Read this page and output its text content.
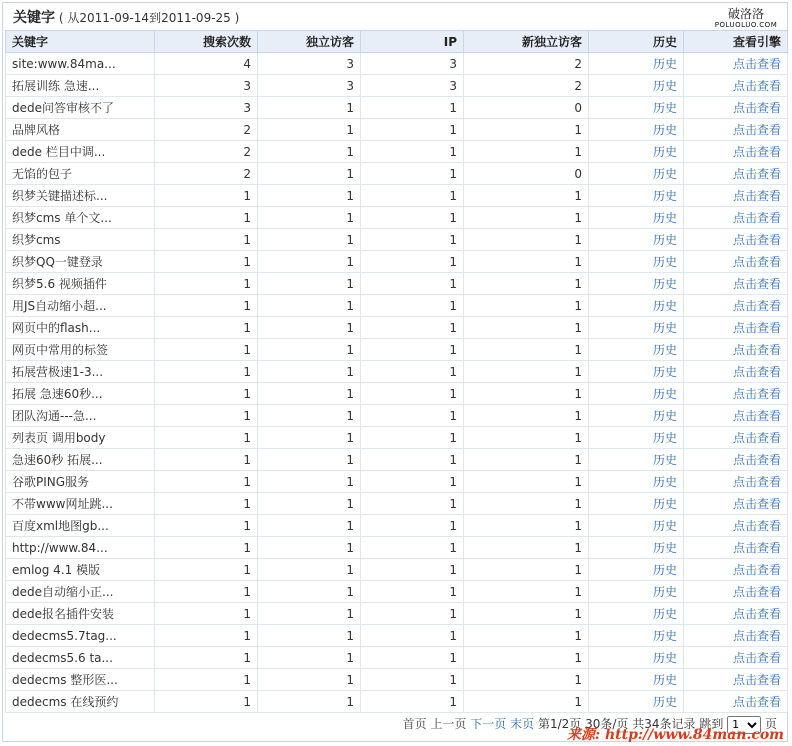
关键字 ( 从2011-09-14到2011-09-25 )	破洛洛
POLUOLUO.COM
关键字	搜索次数	独立访客	IP	新独立访客	历史	查看引擎
site:www.84ma...	4	3	3	2	历史	点击查看
拓展训练 急速...	3	3	3	2	历史	点击查看
dede问答审核不了	3	1	1	0	历史	点击查看
品牌风格	2	1	1	1	历史	点击查看
dede 栏目中调...	2	1	1	1	历史	点击查看
无馅的包子	2	1	1	0	历史	点击查看
织梦关键描述标...	1	1	1	1	历史	点击查看
织梦cms 单个文...	1	1	1	1	历史	点击查看
织梦cms	1	1	1	1	历史	点击查看
织梦QQ一键登录	1	1	1	1	历史	点击查看
织梦5.6 视频插件	1	1	1	1	历史	点击查看
用JS自动缩小超...	1	1	1	1	历史	点击查看
网页中的flash...	1	1	1	1	历史	点击查看
网页中常用的标签	1	1	1	1	历史	点击查看
拓展营极速1-3...	1	1	1	1	历史	点击查看
拓展 急速60秒...	1	1	1	1	历史	点击查看
团队沟通---急...	1	1	1	1	历史	点击查看
列表页 调用body	1	1	1	1	历史	点击查看
急速60秒 拓展...	1	1	1	1	历史	点击查看
谷歌PING服务	1	1	1	1	历史	点击查看
不带www网址跳...	1	1	1	1	历史	点击查看
百度xml地图gb...	1	1	1	1	历史	点击查看
http://www.84...	1	1	1	1	历史	点击查看
emlog 4.1 模版	1	1	1	1	历史	点击查看
dede自动缩小正...	1	1	1	1	历史	点击查看
dede报名插件安装	1	1	1	1	历史	点击查看
dedecms5.7tag...	1	1	1	1	历史	点击查看
dedecms5.6 ta...	1	1	1	1	历史	点击查看
dedecms 整形医...	1	1	1	1	历史	点击查看
dedecms 在线预约	1	1	1	1	历史	点击查看
首页 上一页 下一页 末页 第1/2页 30条/页 共34条记录 跳到
1	页
来源: http://www.84man.com
